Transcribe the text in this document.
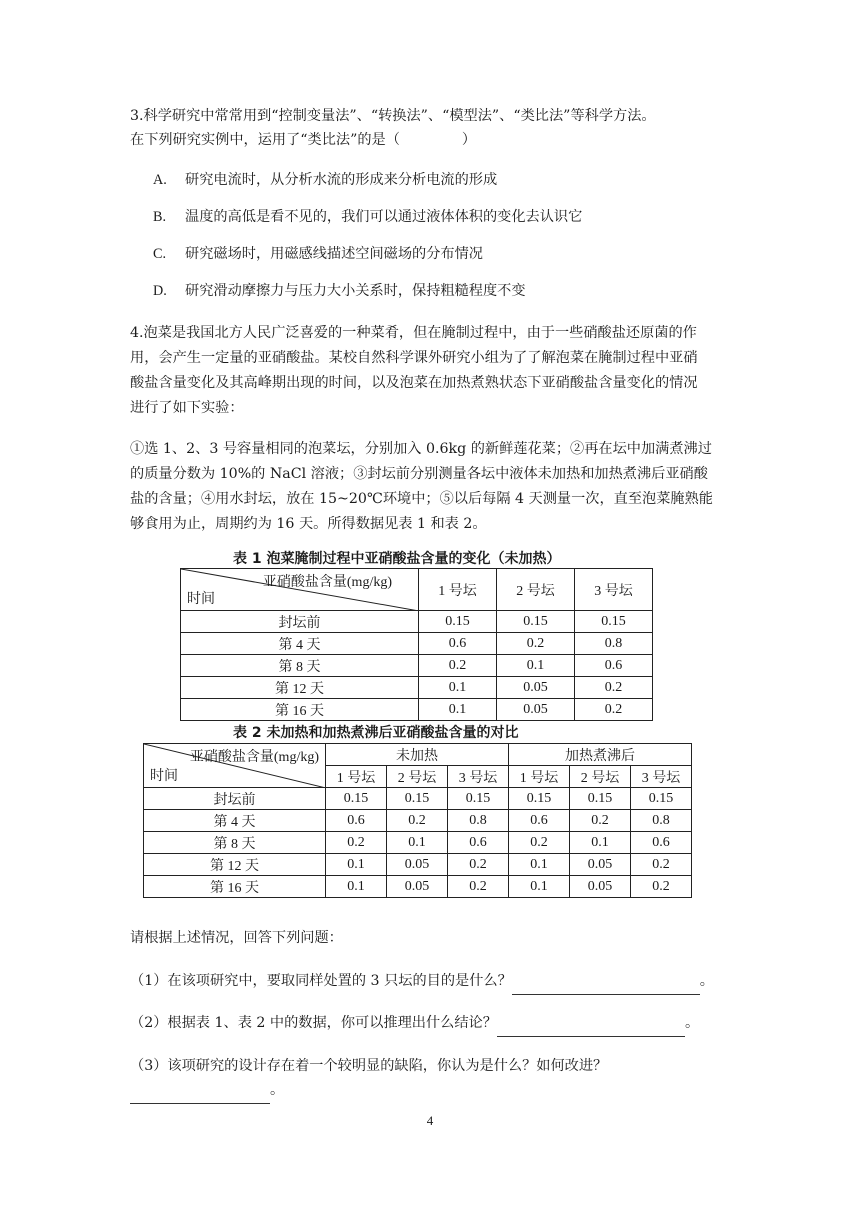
3.科学研究中常常用到“控制变量法”、“转换法”、“模型法”、“类比法”等科学方法。

在下列研究实例中，运用了“类比法”的是（	）

A. 研究电流时，从分析水流的形成来分析电流的形成
B. 温度的高低是看不见的，我们可以通过液体体积的变化去认识它
C. 研究磁场时，用磁感线描述空间磁场的分布情况
D. 研究滑动摩擦力与压力大小关系时，保持粗糙程度不变

4.泡菜是我国北方人民广泛喜爱的一种菜肴，但在腌制过程中，由于一些硝酸盐还原菌的作

用，会产生一定量的亚硝酸盐。某校自然科学课外研究小组为了了解泡菜在腌制过程中亚硝

酸盐含量变化及其高峰期出现的时间，以及泡菜在加热煮熟状态下亚硝酸盐含量变化的情况

进行了如下实验：

①选 1、2、3 号容量相同的泡菜坛，分别加入 0.6kg 的新鲜莲花菜；②再在坛中加满煮沸过

的质量分数为 10%的 NaCl 溶液；③封坛前分别测量各坛中液体未加热和加热煮沸后亚硝酸

盐的含量；④用水封坛，放在 15~20℃环境中；⑤以后每隔 4 天测量一次，直至泡菜腌熟能

够食用为止，周期约为 16 天。所得数据见表 1 和表 2。

表 1 泡菜腌制过程中亚硝酸盐含量的变化（未加热）
亚硝酸盐含量(mg/kg)
时间	1 号坛	2 号坛	3 号坛
封坛前	0.15	0.15	0.15
第 4 天	0.6	0.2	0.8
第 8 天	0.2	0.1	0.6
第 12 天	0.1	0.05	0.2
第 16 天	0.1	0.05	0.2
表 2 未加热和加热煮沸后亚硝酸盐含量的对比
亚硝酸盐含量(mg/kg)
时间	未加热			加热煮沸后		
	1 号坛	2 号坛	3 号坛	1 号坛	2 号坛	3 号坛
封坛前	0.15	0.15	0.15	0.15	0.15	0.15
第 4 天	0.6	0.2	0.8	0.6	0.2	0.8
第 8 天	0.2	0.1	0.6	0.2	0.1	0.6
第 12 天	0.1	0.05	0.2	0.1	0.05	0.2
第 16 天	0.1	0.05	0.2	0.1	0.05	0.2

请根据上述情况，回答下列问题：

（1）在该项研究中，要取同样处置的 3 只坛的目的是什么？	。

（2）根据表 1、表 2 中的数据，你可以推理出什么结论？	。

（3）该项研究的设计存在着一个较明显的缺陷，你认为是什么？如何改进？

。

4
